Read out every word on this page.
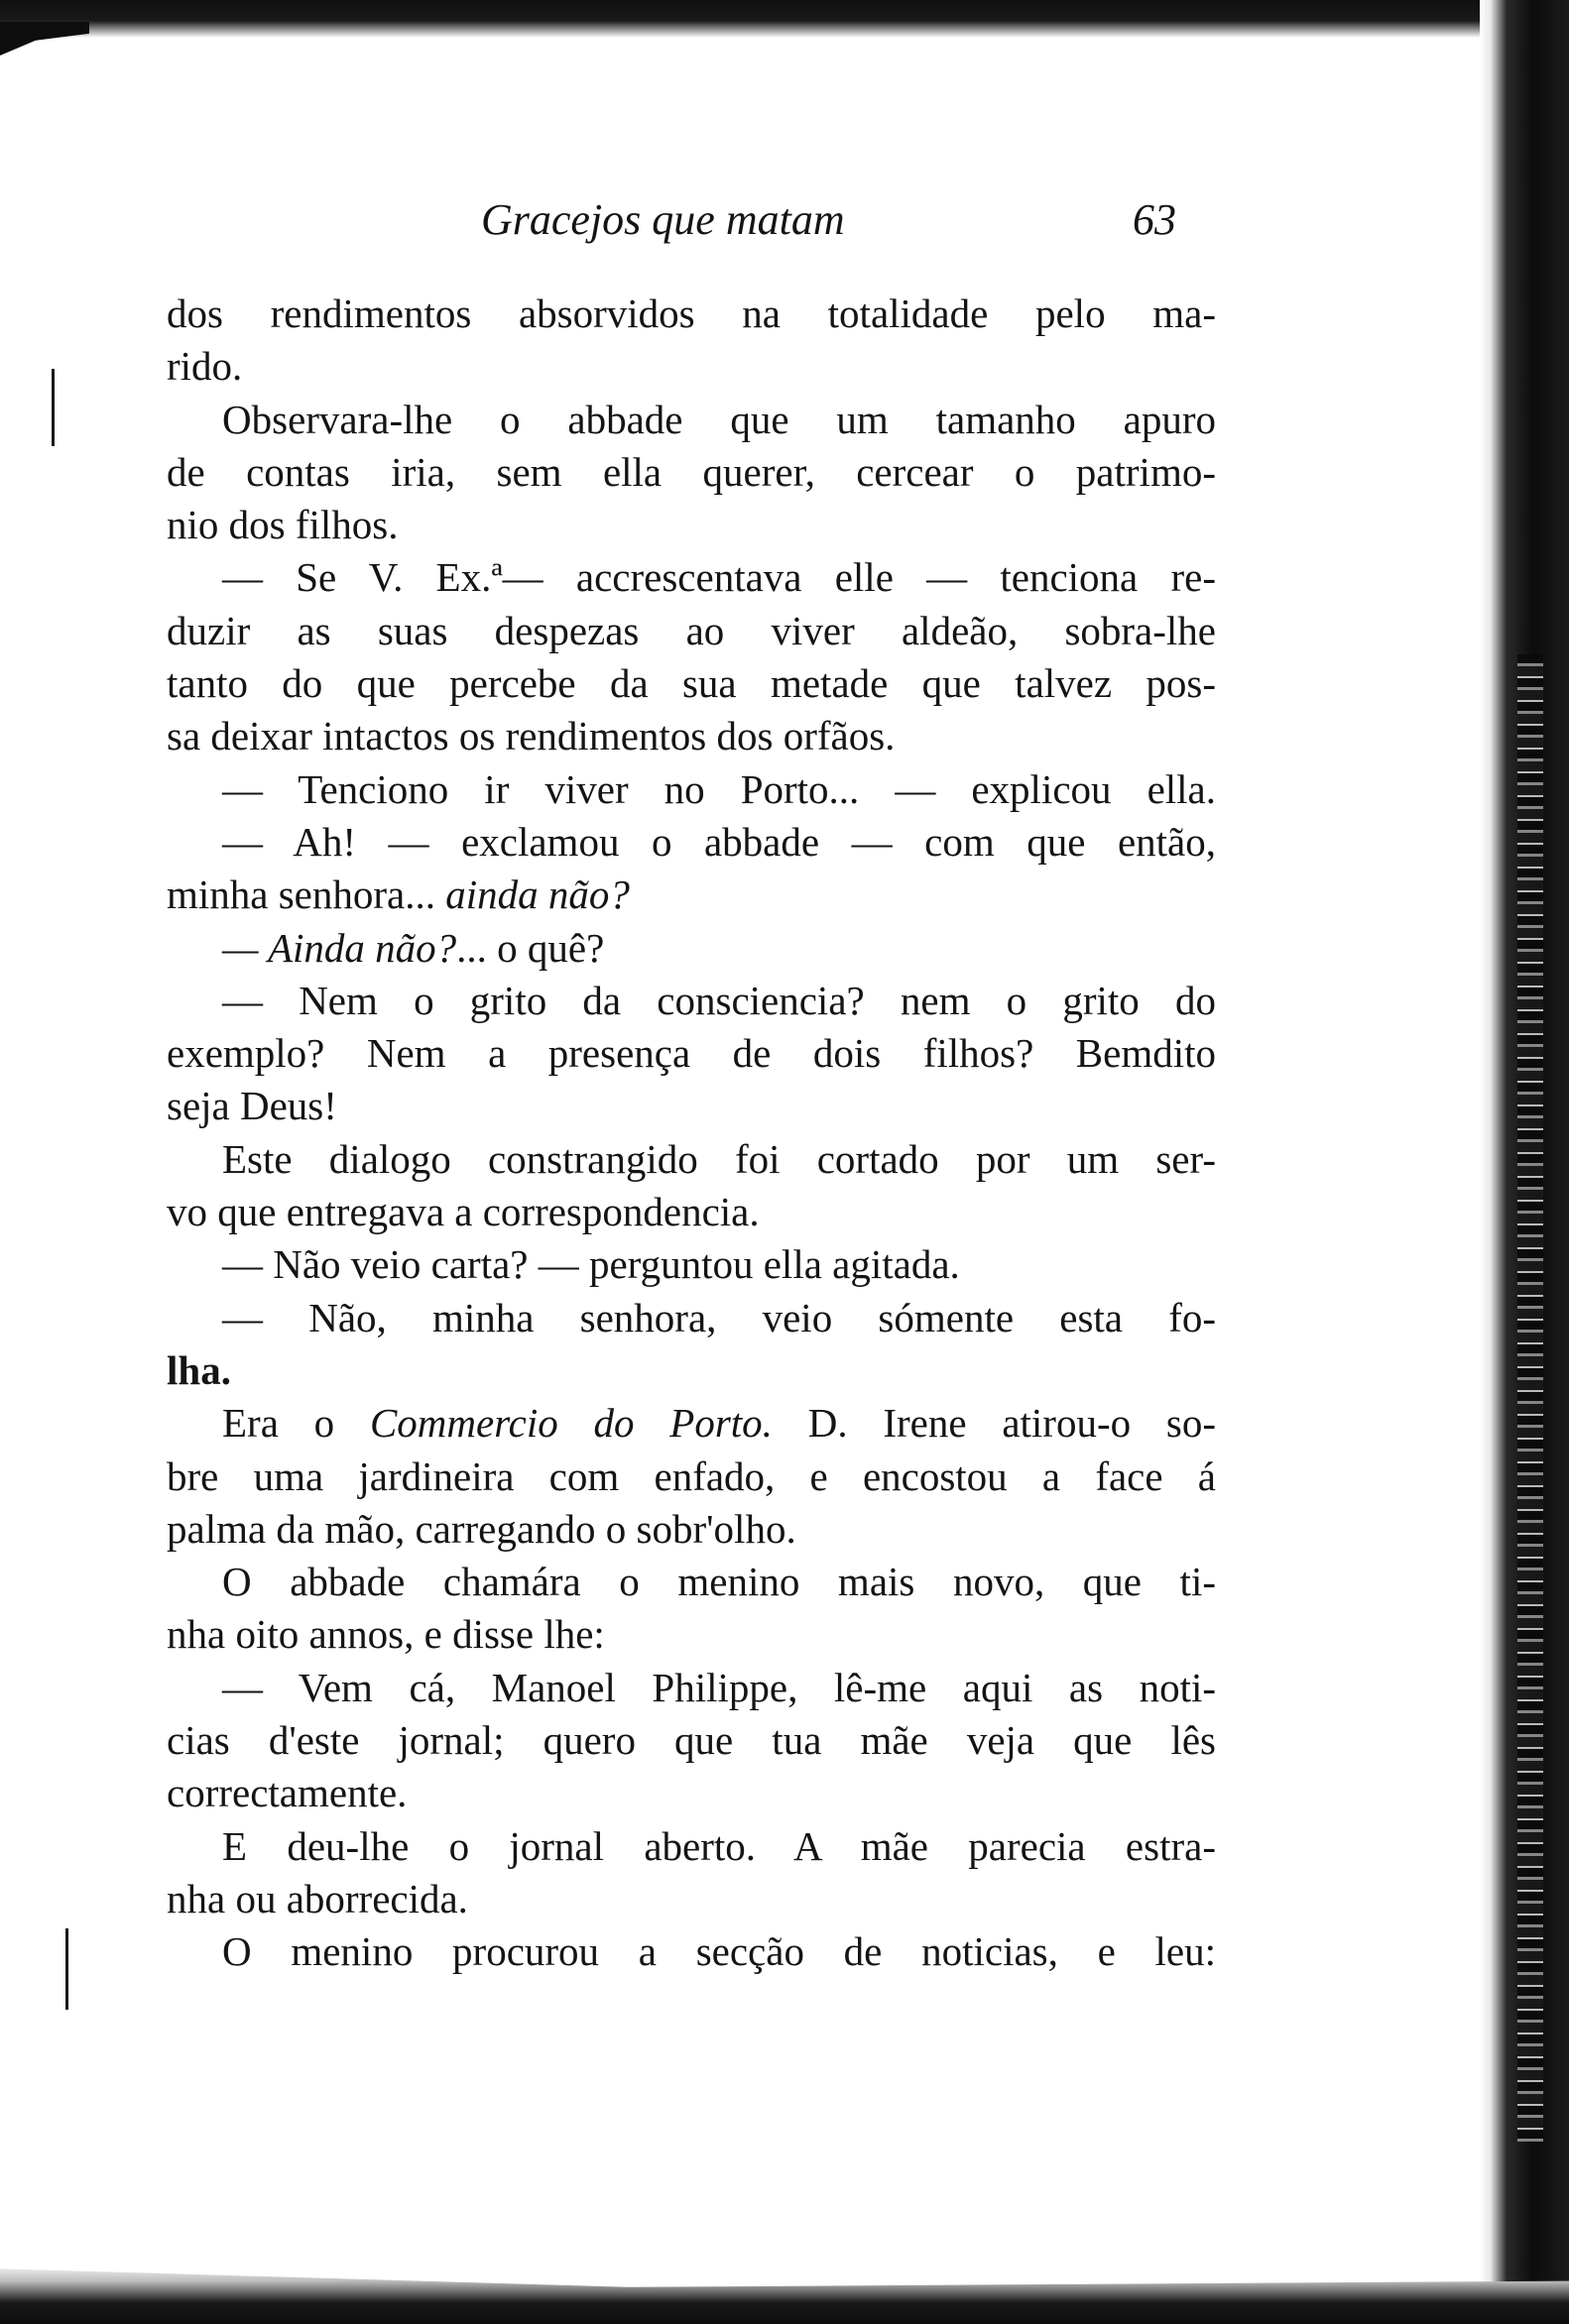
Gracejos que matam	63
dos rendimentos absorvidos na totalidade pelo ma-
rido.
Observara-lhe o abbade que um tamanho apuro
de contas iria, sem ella querer, cercear o patrimo-
nio dos filhos.
— Se V. Ex.ª— accrescentava elle — tenciona re-
duzir as suas despezas ao viver aldeão, sobra-lhe
tanto do que percebe da sua metade que talvez pos-
sa deixar intactos os rendimentos dos orfãos.
— Tenciono ir viver no Porto... — explicou ella.
— Ah! — exclamou o abbade — com que então,
minha senhora... ainda não?
— Ainda não?... o quê?
— Nem o grito da consciencia? nem o grito do
exemplo? Nem a presença de dois filhos? Bemdito
seja Deus!
Este dialogo constrangido foi cortado por um ser-
vo que entregava a correspondencia.
— Não veio carta? — perguntou ella agitada.
— Não, minha senhora, veio sómente esta fo-
lha.
Era o Commercio do Porto. D. Irene atirou-o so-
bre uma jardineira com enfado, e encostou a face á
palma da mão, carregando o sobr'olho.
O abbade chamára o menino mais novo, que ti-
nha oito annos, e disse lhe:
— Vem cá, Manoel Philippe, lê-me aqui as noti-
cias d'este jornal; quero que tua mãe veja que lês
correctamente.
E deu-lhe o jornal aberto. A mãe parecia estra-
nha ou aborrecida.
O menino procurou a secção de noticias, e leu:
